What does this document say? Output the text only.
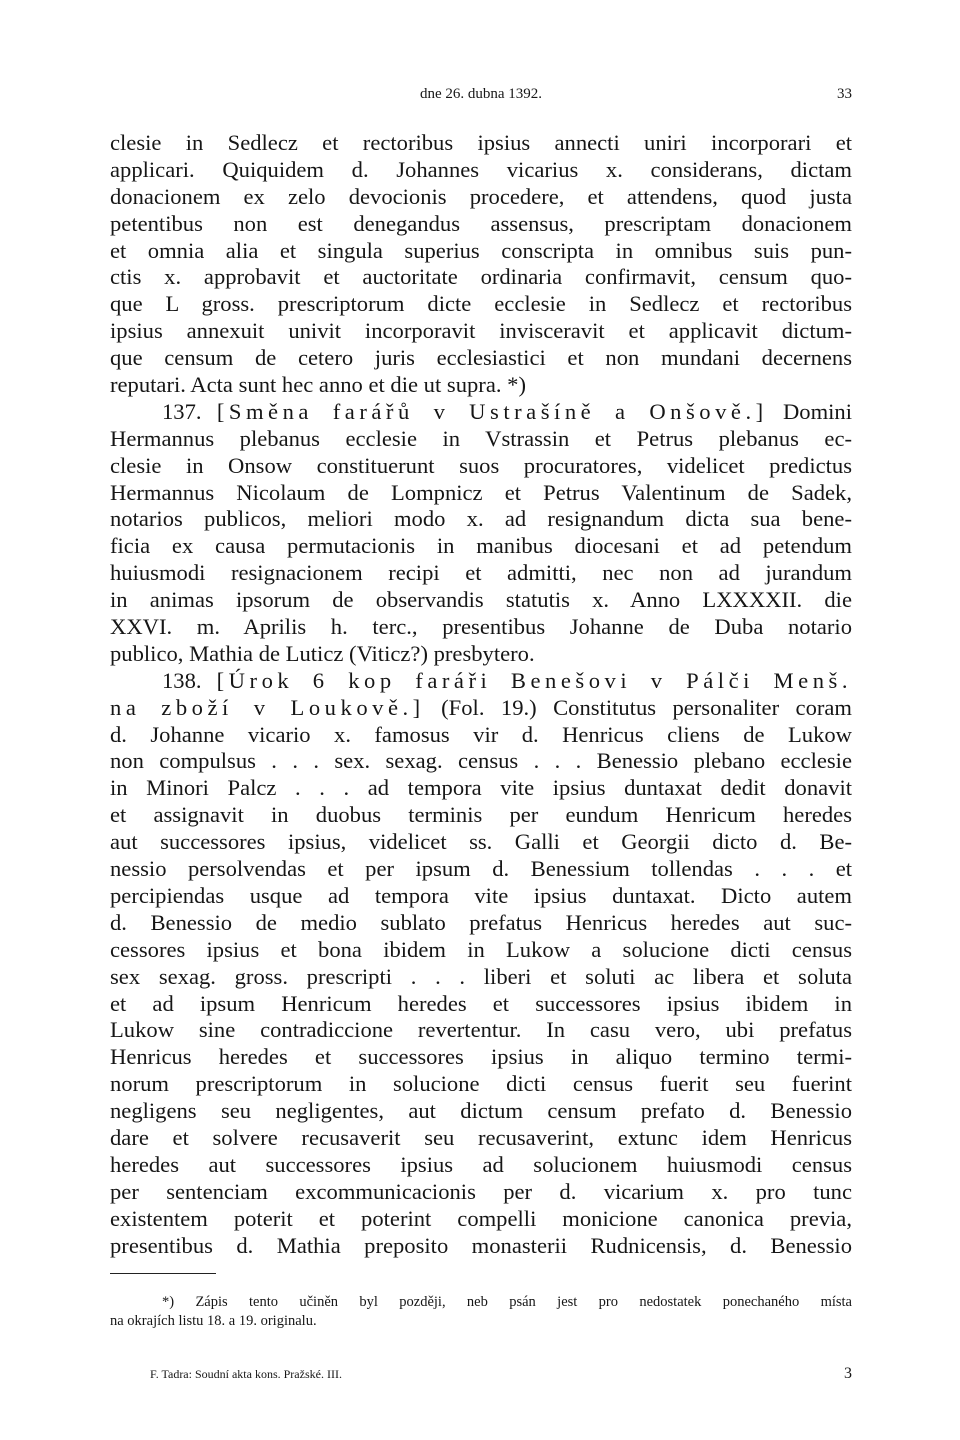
dne 26. dubna 1392.	33
clesie in Sedlecz et rectoribus ipsius annecti uniri incorporari et
applicari. Quiquidem d. Johannes vicarius x. considerans, dictam
donacionem ex zelo devocionis procedere, et attendens, quod justa
petentibus non est denegandus assensus, prescriptam donacionem
et omnia alia et singula superius conscripta in omnibus suis pun-
ctis x. approbavit et auctoritate ordinaria confirmavit, censum quo-
que L gross. prescriptorum dicte ecclesie in Sedlecz et rectoribus
ipsius annexuit univit incorporavit invisceravit et applicavit dictum-
que censum de cetero juris ecclesiastici et non mundani decernens
reputari. Acta sunt hec anno et die ut supra. *)
137. [Směna farářů v Ustrašíně a Onšově.] Domini
Hermannus plebanus ecclesie in Vstrassin et Petrus plebanus ec-
clesie in Onsow constituerunt suos procuratores, videlicet predictus
Hermannus Nicolaum de Lompnicz et Petrus Valentinum de Sadek,
notarios publicos, meliori modo x. ad resignandum dicta sua bene-
ficia ex causa permutacionis in manibus diocesani et ad petendum
huiusmodi resignacionem recipi et admitti, nec non ad jurandum
in animas ipsorum de observandis statutis x. Anno LXXXXII. die
XXVI. m. Aprilis h. terc., presentibus Johanne de Duba notario
publico, Mathia de Luticz (Viticz?) presbytero.
138. [Úrok 6 kop faráři Benešovi v Pálči Menš.
na zboží v Loukově.] (Fol. 19.) Constitutus personaliter coram
d. Johanne vicario x. famosus vir d. Henricus cliens de Lukow
non compulsus . . . sex. sexag. census . . . Benessio plebano ecclesie
in Minori Palcz . . . ad tempora vite ipsius duntaxat dedit donavit
et assignavit in duobus terminis per eundum Henricum heredes
aut successores ipsius, videlicet ss. Galli et Georgii dicto d. Be-
nessio persolvendas et per ipsum d. Benessium tollendas . . . et
percipiendas usque ad tempora vite ipsius duntaxat. Dicto autem
d. Benessio de medio sublato prefatus Henricus heredes aut suc-
cessores ipsius et bona ibidem in Lukow a solucione dicti census
sex sexag. gross. prescripti . . . liberi et soluti ac libera et soluta
et ad ipsum Henricum heredes et successores ipsius ibidem in
Lukow sine contradiccione revertentur. In casu vero, ubi prefatus
Henricus heredes et successores ipsius in aliquo termino termi-
norum prescriptorum in solucione dicti census fuerit seu fuerint
negligens seu negligentes, aut dictum censum prefato d. Benessio
dare et solvere recusaverit seu recusaverint, extunc idem Henricus
heredes aut successores ipsius ad solucionem huiusmodi census
per sentenciam excommunicacionis per d. vicarium x. pro tunc
existentem poterit et poterint compelli monicione canonica previa,
presentibus d. Mathia preposito monasterii Rudnicensis, d. Benessio
*) Zápis tento učiněn byl později, neb psán jest pro nedostatek ponechaného místa
na okrajích listu 18. a 19. originalu.
F. Tadra: Soudní akta kons. Pražské. III.	3
